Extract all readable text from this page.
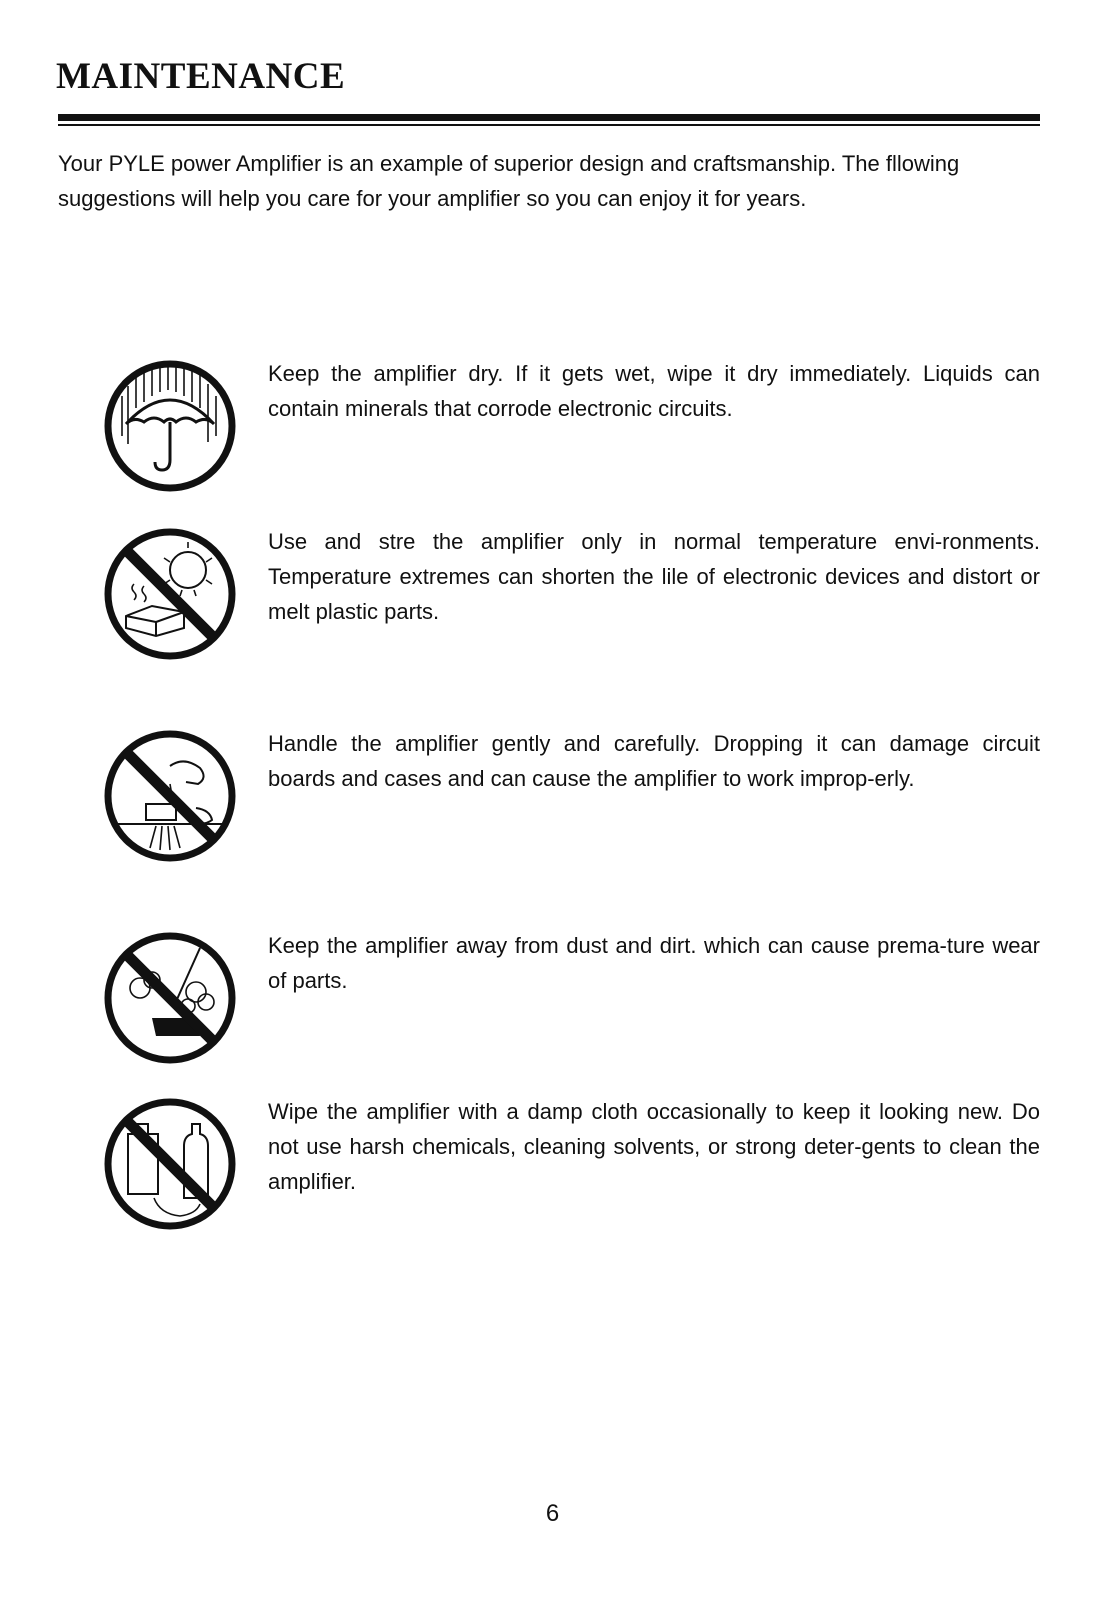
MAINTENANCE

Your PYLE power Amplifier is an example of superior design and craftsmanship. The fllowing suggestions will help you care for your amplifier so you can enjoy it for years.

Keep the amplifier dry. If it gets wet, wipe it dry immediately. Liquids can contain minerals that corrode electronic circuits.

Use and stre the amplifier only in normal temperature envi-ronments. Temperature extremes can shorten the lile of electronic devices and distort or melt plastic parts.

Handle the amplifier gently and carefully. Dropping it can damage circuit boards and cases and can cause the amplifier to work improp-erly.

Keep the amplifier away from dust and dirt. which can cause prema-ture wear of parts.

Wipe the amplifier with a damp cloth occasionally to keep it looking new. Do not use harsh chemicals, cleaning solvents, or strong deter-gents to clean the amplifier.

6
